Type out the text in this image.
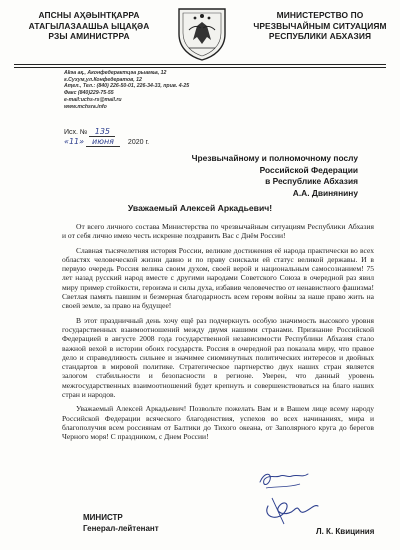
АПСНЫ АҲӘЫНТҚАРРА
АТАГЫЛАЗААШЬА ЫЦАҚӘА
РЗЫ АМИНИСТРРА
МИНИСТЕРСТВО ПО
ЧРЕЗВЫЧАЙНЫМ СИТУАЦИЯМ
РЕСПУБЛИКИ АБХАЗИЯ
Аҟәа ақ., Аконфедерактцәа рыамҩа, 12
г.Сухум,ул.Конфедератов, 12
Аҭел., Тел.: (840) 226-50-01, 226-34-33, прив. 4-25
Факс (840)229-75-55
e-mail:uchs-rs@mail.ru
www.mchsra.info
Исх. № 135
«11» июня 2020 г.
Чрезвычайному и полномочному послу
Российской Федерации
в Республике Абхазия
А.А. Двинянину
Уважаемый Алексей Аркадьевич!

От всего личного состава Министерства по чрезвычайным ситуациям Республики Абхазия и от себя лично имею честь искренне поздравить Вас с Днём России!

Славная тысячелетняя история России, великие достижения её народа практически во всех областях человеческой жизни давно и по праву снискали ей статус великой державы. И в первую очередь Россия велика своим духом, своей верой и национальным самосознанием! 75 лет назад русский народ вместе с другими народами Советского Союза в очередной раз явил миру пример стойкости, героизма и силы духа, избавив человечество от ненавистного фашизма! Светлая память павшим и безмерная благодарность всем героям войны за наше право жить на своей земле, за право на будущее!

В этот праздничный день хочу ещё раз подчеркнуть особую значимость высокого уровня государственных взаимоотношений между двумя нашими странами. Признание Российской Федерацией в августе 2008 года государственной независимости Республики Абхазия стало важной вехой в истории обоих государств. Россия в очередной раз показала миру, что правое дело и справедливость сильнее и значимее сиюминутных политических интересов и двойных стандартов в мировой политике. Стратегическое партнерство двух наших стран является залогом стабильности и безопасности в регионе. Уверен, что данный уровень межгосударственных взаимоотношений будет крепнуть и совершенствоваться на благо наших стран и народов.

Уважаемый Алексей Аркадьевич! Позвольте пожелать Вам и в Вашем лице всему народу Российской Федерации всяческого благоденствия, успехов во всех начинаниях, мира и благополучия всем россиянам от Балтики до Тихого океана, от Заполярного круга до берегов Черного моря! С праздником, с Днем России!

МИНИСТР
Генерал-лейтенант	Л. К. Квициния
